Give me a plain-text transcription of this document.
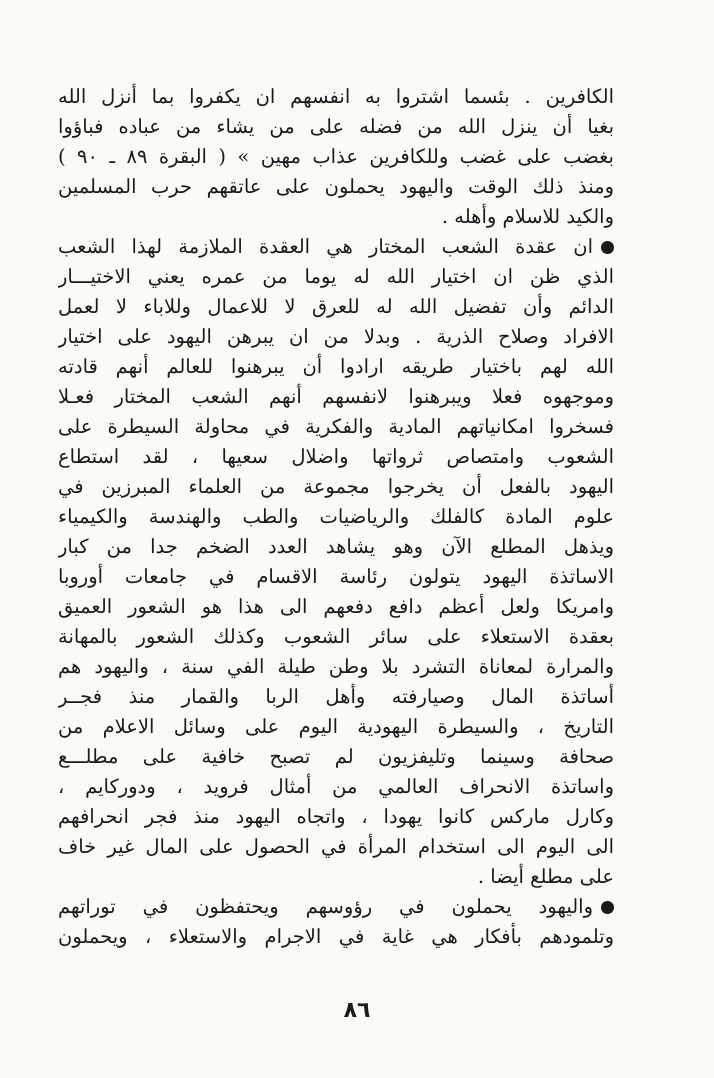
الكافرين . بئسما اشتروا به انفسهم ان يكفروا بما أنزل الله
بغيا أن ينزل الله من فضله على من يشاء من عباده فباؤوا
بغضب على غضب وللكافرين عذاب مهين » ( البقرة ٨٩ ـ ٩٠ )
ومنذ ذلك الوقت واليهود يحملون على عاتقهم حرب المسلمين
والكيد للاسلام وأهله .
ان عقدة الشعب المختار هي العقدة الملازمة لهذا الشعب
الذي ظن ان اختيار الله له يوما من عمره يعني الاختيـــار
الدائم وأن تفضيل الله له للعرق لا للاعمال وللاباء لا لعمل
الافراد وصلاح الذرية . وبدلا من ان يبرهن اليهود على اختيار
الله لهم باختيار طريقه ارادوا أن يبرهنوا للعالم أنهم قادته
وموجهوه فعلا ويبرهنوا لانفسهم أنهم الشعب المختار فعـلا
فسخروا امكانياتهم المادية والفكرية في محاولة السيطرة على
الشعوب وامتصاص ثرواتها واضلال سعيها ، لقد استطاع
اليهود بالفعل أن يخرجوا مجموعة من العلماء المبرزين في
علوم المادة كالفلك والرياضيات والطب والهندسة والكيمياء
ويذهل المطلع الآن وهو يشاهد العدد الضخم جدا من كبار
الاساتذة اليهود يتولون رئاسة الاقسام في جامعات أوروبا
وامريكا ولعل أعظم دافع دفعهم الى هذا هو الشعور العميق
بعقدة الاستعلاء على سائر الشعوب وكذلك الشعور بالمهانة
والمرارة لمعاناة التشرد بلا وطن طيلة الفي سنة ، واليهود هم
أساتذة المال وصيارفته وأهل الربا والقمار منذ فجــر
التاريخ ، والسيطرة اليهودية اليوم على وسائل الاعلام من
صحافة وسينما وتليفزيون لم تصبح خافية على مطلـــع
واساتذة الانحراف العالمي من أمثال فرويد ، ودوركايم ،
وكارل ماركس كانوا يهودا ، واتجاه اليهود منذ فجر انحرافهم
الى اليوم الى استخدام المرأة في الحصول على المال غير خاف
على مطلع أيضا .
واليهود يحملون في رؤوسهم ويحتفظون في توراتهم
وتلمودهم بأفكار هي غاية في الاجرام والاستعلاء ، ويحملون
٨٦
